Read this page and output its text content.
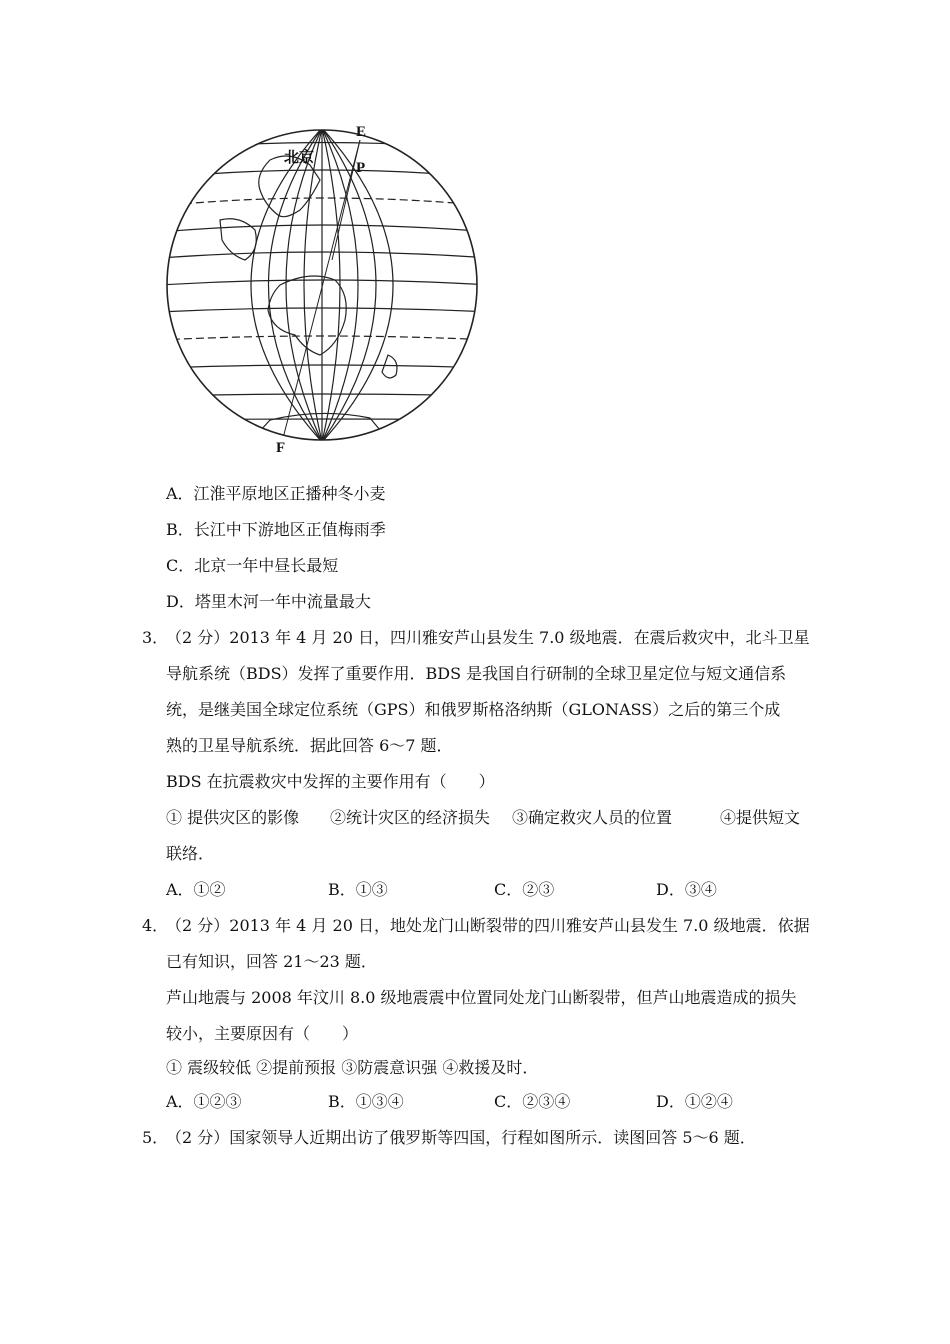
E
P
F
北京
A．江淮平原地区正播种冬小麦
B．长江中下游地区正值梅雨季
C．北京一年中昼长最短
D．塔里木河一年中流量最大
3．
（2 分）2013 年 4 月 20 日，四川雅安芦山县发生 7.0 级地震．在震后救灾中，北斗卫星
导航系统（BDS）发挥了重要作用．BDS 是我国自行研制的全球卫星定位与短文通信系
统，是继美国全球定位系统（GPS）和俄罗斯格洛纳斯（GLONASS）之后的第三个成
熟的卫星导航系统．据此回答 6～7 题．
BDS 在抗震救灾中发挥的主要作用有（　　）
① 提供灾区的影像 ②统计灾区的经济损失 ③确定救灾人员的位置	④提供短文
联络．
A．①②	B．①③	C．②③	D．③④
4．
（2 分）2013 年 4 月 20 日，地处龙门山断裂带的四川雅安芦山县发生 7.0 级地震．依据
已有知识，回答 21～23 题．
芦山地震与 2008 年汶川 8.0 级地震震中位置同处龙门山断裂带，但芦山地震造成的损失
较小，主要原因有（　　）
① 震级较低 ②提前预报 ③防震意识强 ④救援及时．
A．①②③	B．①③④	C．②③④	D．①②④
5．
（2 分）国家领导人近期出访了俄罗斯等四国，行程如图所示．读图回答 5～6 题．
